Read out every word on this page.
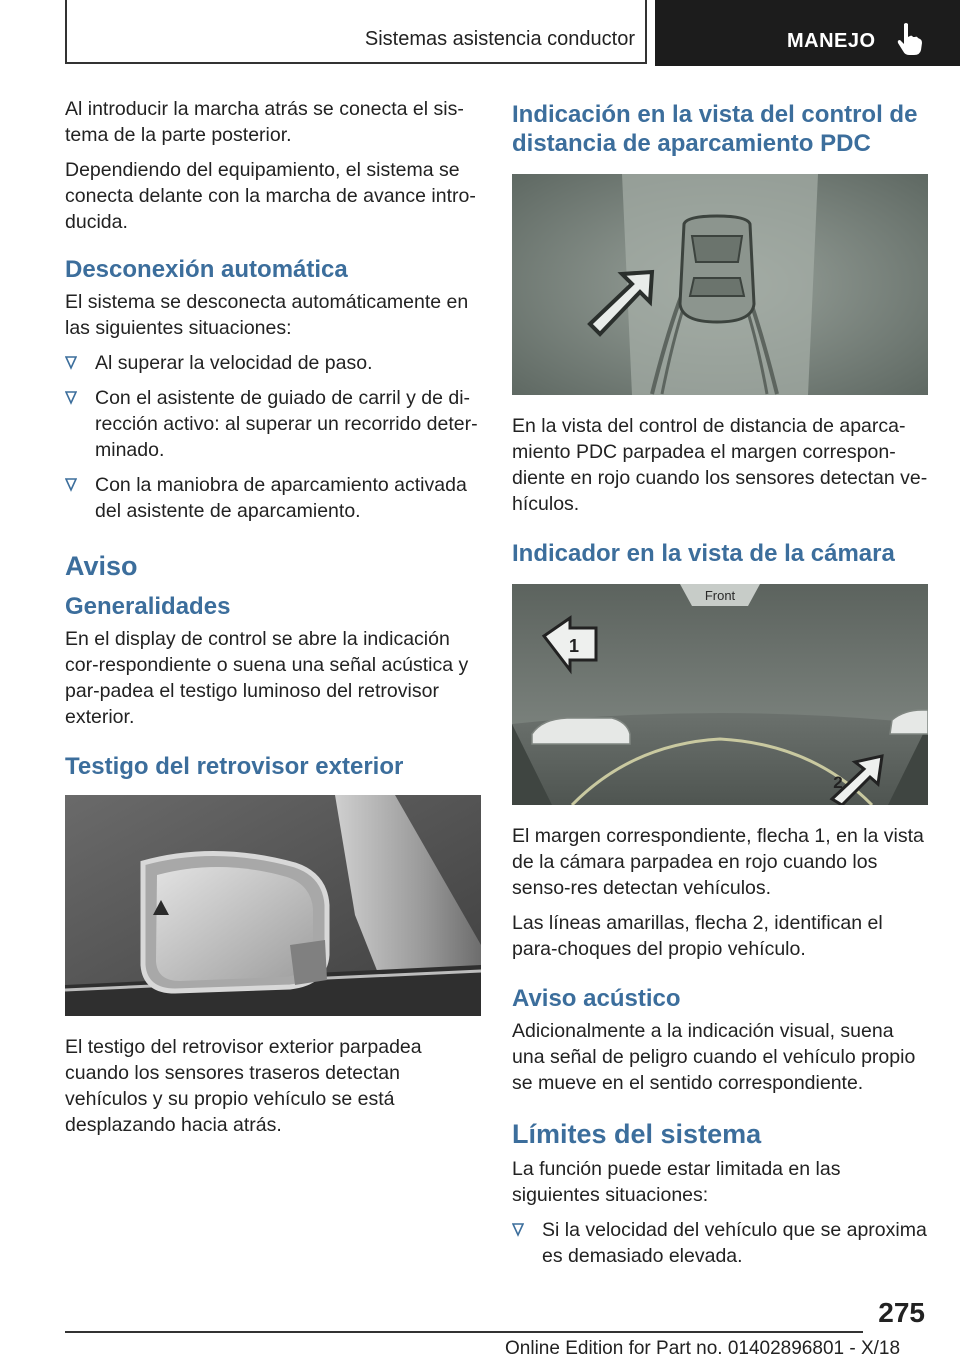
Sistemas asistencia conductor	MANEJO

Al introducir la marcha atrás se conecta el sis-tema de la parte posterior.

Dependiendo del equipamiento, el sistema se conecta delante con la marcha de avance intro-ducida.

Desconexión automática

El sistema se desconecta automáticamente en las siguientes situaciones:

Al superar la velocidad de paso.
Con el asistente de guiado de carril y de di-rección activo: al superar un recorrido deter-minado.
Con la maniobra de aparcamiento activada del asistente de aparcamiento.
Aviso
Generalidades

En el display de control se abre la indicación cor-respondiente o suena una señal acústica y par-padea el testigo luminoso del retrovisor exterior.

Testigo del retrovisor exterior

El testigo del retrovisor exterior parpadea cuando los sensores traseros detectan vehículos y su propio vehículo se está desplazando hacia atrás.

Indicación en la vista del control de distancia de aparcamiento PDC

En la vista del control de distancia de aparca-miento PDC parpadea el margen correspon-diente en rojo cuando los sensores detectan ve-hículos.

Indicador en la vista de la cámara
Front
1
2

El margen correspondiente, flecha 1, en la vista de la cámara parpadea en rojo cuando los senso-res detectan vehículos.

Las líneas amarillas, flecha 2, identifican el para-choques del propio vehículo.

Aviso acústico

Adicionalmente a la indicación visual, suena una señal de peligro cuando el vehículo propio se mueve en el sentido correspondiente.

Límites del sistema

La función puede estar limitada en las siguientes situaciones:

Si la velocidad del vehículo que se aproxima es demasiado elevada.
275
Online Edition for Part no. 01402896801 - X/18
